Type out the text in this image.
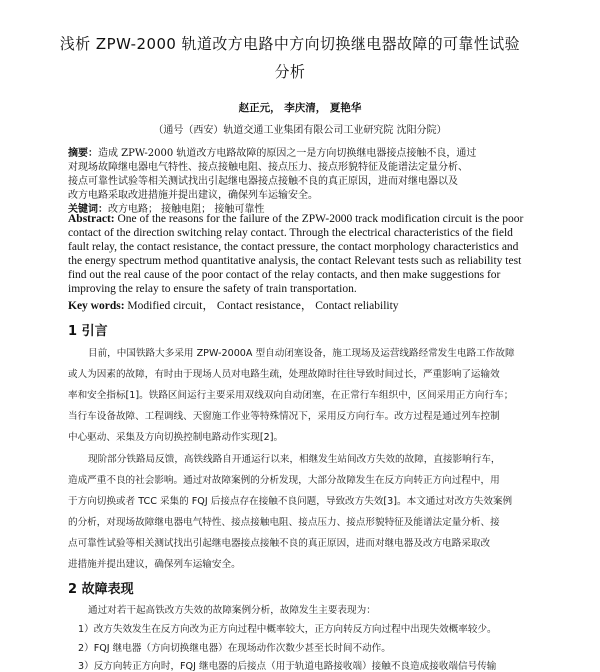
浅析 ZPW-2000 轨道改方电路中方向切换继电器故障的可靠性试验
分析
赵正元， 李庆清， 夏艳华
（通号（西安）轨道交通工业集团有限公司工业研究院 沈阳分院）
摘要：造成 ZPW-2000 轨道改方电路故障的原因之一是方向切换继电器接点接触不良，通过
对现场故障继电器电气特性、接点接触电阻、接点压力、接点形貌特征及能谱法定量分析、
接点可靠性试验等相关测试找出引起继电器接点接触不良的真正原因，进而对继电器以及
改方电路采取改进措施并提出建议，确保列车运输安全。
关键词：改方电路； 接触电阻； 接触可靠性
Abstract: One of the reasons for the failure of the ZPW-2000 track modification circuit is the poor
contact of the direction switching relay contact. Through the electrical characteristics of the field
fault relay, the contact resistance, the contact pressure, the contact morphology characteristics and
the energy spectrum method quantitative analysis, the contact Relevant tests such as reliability test
find out the real cause of the poor contact of the relay contacts, and then make suggestions for
improving the relay to ensure the safety of train transportation.
Key words: Modified circuit， Contact resistance， Contact reliability
1 引言
目前，中国铁路大多采用 ZPW-2000A 型自动闭塞设备，施工现场及运营线路经常发生电路工作故障
或人为因素的故障，有时由于现场人员对电路生疏，处理故障时往往导致时间过长，严重影响了运输效
率和安全指标[1]。铁路区间运行主要采用双线双向自动闭塞，在正常行车组织中，区间采用正方向行车；
当行车设备故障、工程调线、天窗施工作业等特殊情况下，采用反方向行车。改方过程是通过列车控制
中心驱动、采集及方向切换控制电路动作实现[2]。
现阶部分铁路局反馈，高铁线路自开通运行以来，相继发生站间改方失效的故障，直接影响行车，
造成严重不良的社会影响。通过对故障案例的分析发现，大部分故障发生在反方向转正方向过程中，用
于方向切换或者 TCC 采集的 FQJ 后接点存在接触不良问题，导致改方失效[3]。本文通过对改方失效案例
的分析，对现场故障继电器电气特性、接点接触电阻、接点压力、接点形貌特征及能谱法定量分析、接
点可靠性试验等相关测试找出引起继电器接点接触不良的真正原因，进而对继电器及改方电路采取改
进措施并提出建议，确保列车运输安全。
2 故障表现
通过对若干起高铁改方失效的故障案例分析，故障发生主要表现为：
1）改方失效发生在反方向改为正方向过程中概率较大，正方向转反方向过程中出现失效概率较少。
2）FQJ 继电器（方向切换继电器）在现场动作次数少甚至长时间不动作。
3）反方向转正方向时，FQJ 继电器的后接点（用于轨道电路接收端）接触不良造成接收端信号传输
